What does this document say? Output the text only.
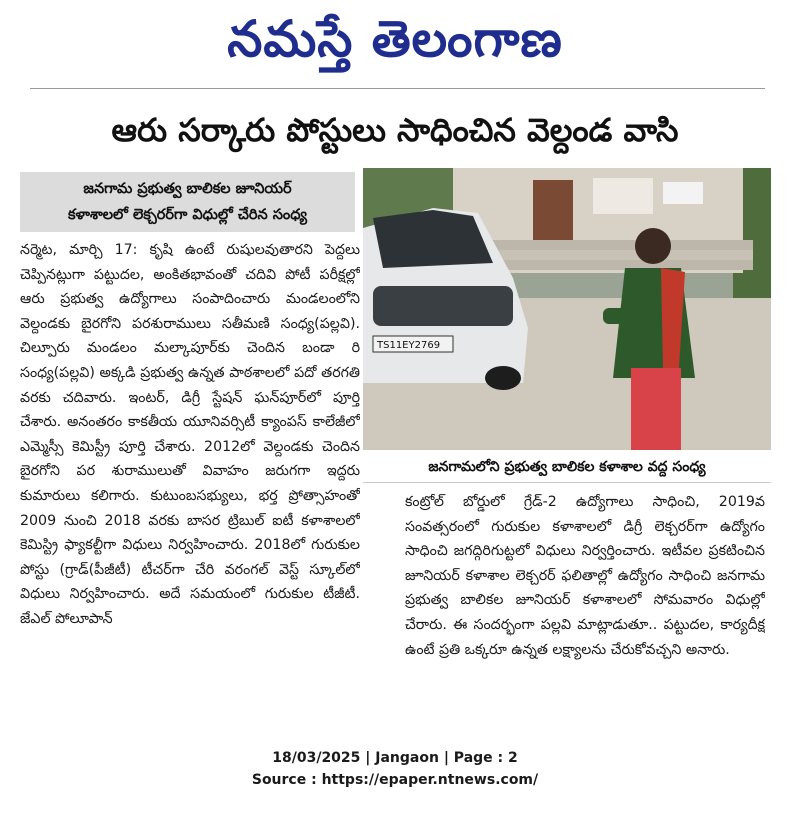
నమస్తే తెలంగాణ
ఆరు సర్కారు పోస్టులు సాధించిన వెల్దండ వాసి
జనగామ ప్రభుత్వ బాలికల జూనియర్
కళాశాలలో లెక్చరర్‌గా విధుల్లో చేరిన సంధ్య

నర్మెట, మార్చి 17: కృషి ఉంటే రుషులవుతారని పెద్దలు చెప్పినట్లుగా పట్టుదల, అంకితభావంతో చదివి పోటీ పరీక్షల్లో ఆరు ప్రభుత్వ ఉద్యోగాలు సంపాదించారు మండలంలోని వెల్దండకు బైరగోని పరశురాములు సతీమణి సంధ్య(పల్లవి). చిల్పూరు మండలం మల్కాపూర్‌కు చెందిన బండా రి సంధ్య(పల్లవి) అక్కడి ప్రభుత్వ ఉన్నత పాఠశాలలో పదో తరగతి వరకు చదివారు. ఇంటర్, డిగ్రీ స్టేషన్ ఘన్‌పూర్‌లో పూర్తి చేశారు. అనంతరం కాకతీయ యూనివర్సిటీ క్యాంపస్ కాలేజీలో ఎమ్మెస్సీ కెమిస్ట్రీ పూర్తి చేశారు. 2012లో వెల్దండకు చెందిన బైరగోని పర శురాములుతో వివాహం జరుగగా ఇద్దరు కుమారులు కలిగారు. కుటుంబసభ్యులు, భర్త ప్రోత్సాహంతో 2009 నుంచి 2018 వరకు బాసర ట్రిబుల్ ఐటీ కళాశాలలో కెమిస్ట్రి ఫ్యాకల్టీగా విధులు నిర్వహించారు. 2018లో గురుకుల పోస్టు (గ్రాడ్(పీజీటీ) టీచర్‌గా చేరి వరంగల్ వెస్ట్ స్కూల్‌లో విధులు నిర్వహించారు. అదే సమయంలో గురుకుల టీజీటీ. జేఎల్ పోలూపాన్

TS11EY2769
జనగామలోని ప్రభుత్వ బాలికల కళాశాల వద్ద సంధ్య

కంట్రోల్ బోర్డులో గ్రేడ్-2 ఉద్యోగాలు సాధించి, 2019వ సంవత్సరంలో గురుకుల కళాశాలలో డిగ్రీ లెక్చరర్‌గా ఉద్యోగం సాధించి జగద్గిరిగుట్టలో విధులు నిర్వర్తించారు. ఇటీవల ప్రకటించిన జూనియర్ కళాశాల లెక్చరర్ ఫలితాల్లో ఉద్యోగం సాధించి జనగామ ప్రభుత్వ బాలికల జూనియర్ కళాశాలలో సోమవారం విధుల్లో చేరారు. ఈ సందర్భంగా పల్లవి మాట్లాడుతూ.. పట్టుదల, కార్యదీక్ష ఉంటే ప్రతి ఒక్కరూ ఉన్నత లక్ష్యాలను చేరుకోవచ్చని అనారు.

18/03/2025 | Jangaon | Page : 2
Source : https://epaper.ntnews.com/
